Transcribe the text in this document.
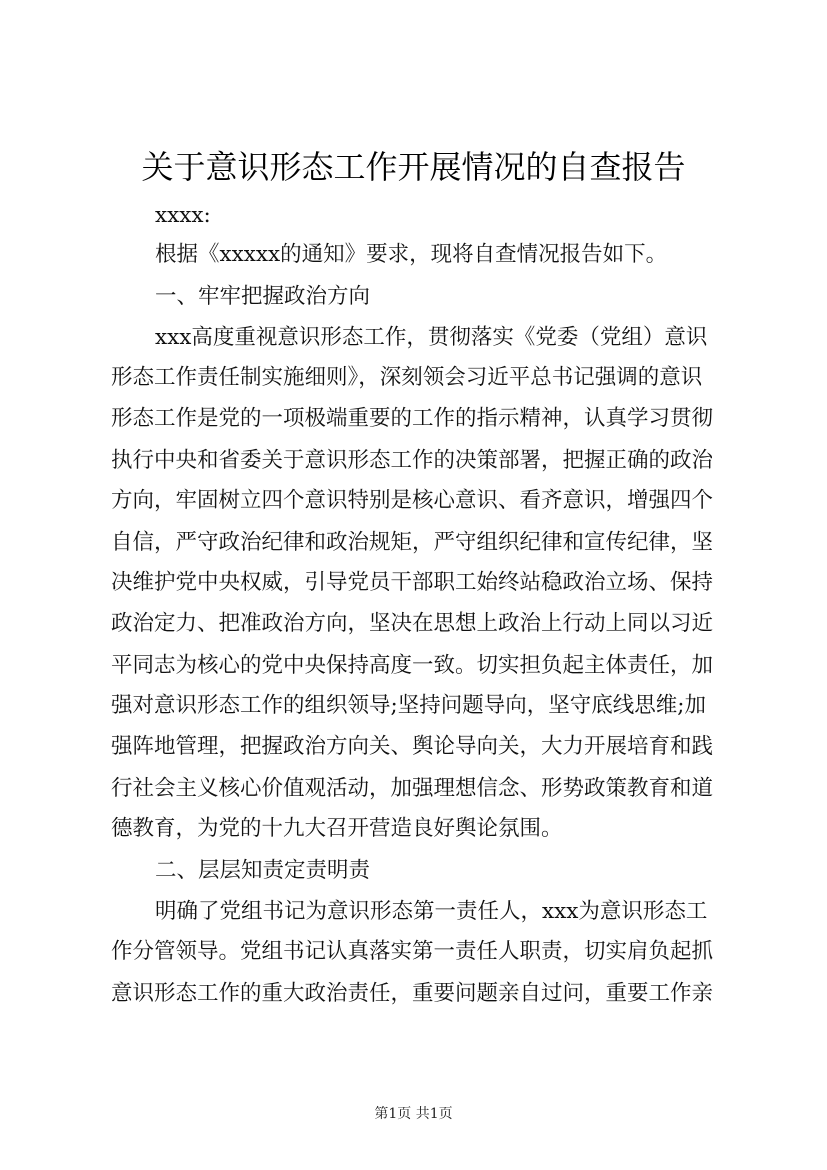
关于意识形态工作开展情况的自查报告
xxxx:
根据《xxxxx的通知》要求，现将自查情况报告如下。
一、牢牢把握政治方向
xxx高度重视意识形态工作，贯彻落实《党委（党组）意识
形态工作责任制实施细则》，深刻领会习近平总书记强调的意识
形态工作是党的一项极端重要的工作的指示精神，认真学习贯彻
执行中央和省委关于意识形态工作的决策部署，把握正确的政治
方向，牢固树立四个意识特别是核心意识、看齐意识，增强四个
自信，严守政治纪律和政治规矩，严守组织纪律和宣传纪律，坚
决维护党中央权威，引导党员干部职工始终站稳政治立场、保持
政治定力、把准政治方向，坚决在思想上政治上行动上同以习近
平同志为核心的党中央保持高度一致。切实担负起主体责任，加
强对意识形态工作的组织领导;坚持问题导向，坚守底线思维;加
强阵地管理，把握政治方向关、舆论导向关，大力开展培育和践
行社会主义核心价值观活动，加强理想信念、形势政策教育和道
德教育，为党的十九大召开营造良好舆论氛围。
二、层层知责定责明责
明确了党组书记为意识形态第一责任人，xxx为意识形态工
作分管领导。党组书记认真落实第一责任人职责，切实肩负起抓
意识形态工作的重大政治责任，重要问题亲自过问，重要工作亲
第1页 共1页
